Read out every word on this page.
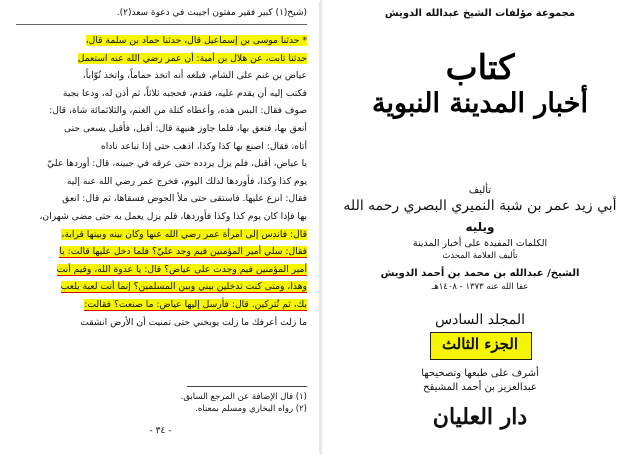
(شيخ(١) كبير فقير مفتون أجيبت في دعوة سعد(٢).
* حدثنا موسى بن إسماعيل قال، حدثنا حماد بن سلمة قال،
حدثنا ثابت، عن هلال بن أمية: أن عمر رضي الله عنه استعمل
عياض بن غنم على الشام، فبلغه أنه اتخذ حماماً، واتخذ نُوّاباً،
فكتب إليه أن يقدم عليه، فقدم، فحجبه ثلاثاً، ثم أذن له، ودعا بجبة
صوف فقال: البس هذه، وأعطاه كتلة من الغنم، والثلاثمائة شاة، قال:
أنعق بها، فنعق بها، فلما جاوز هنيهة قال: أقبل، فأقبل يسعى حتى
أتاه، فقال: اصنع بها كذا وكذا، اذهب حتى إذا تباعد ناداه
يا عياض، أقبل، فلم يزل يردده حتى عرقه في جبينه، قال: أوردها عليّ
يوم كذا وكذا، فأوردها لذلك اليوم، فخرج عمر رضي الله عنه إليه
فقال: انزع عليها. فاستقى حتى ملأ الحوض فسقاها، ثم قال: انعق
بها فإذا كان يوم كذا وكذا فأوردها، فلم يزل يعمل به حتى مضى شهران،
قال: فاندس إلى امرأة عمر رضي الله عنها وكان بينه وبينها قرابة،
فقال: سلي أمير المؤمنين فيم وجد عليّ؟ فلما دخل عليها قالت: يا
أمير المؤمنين فيم وجدت على عياض؟ قال: يا عدوة الله، وفيم أنت
وهذا، ومتى كنت تدخلين بيني وبين المسلمين؟ إنما أنت لعبة يلعب
بك، ثم تُتركين. قال: فأرسل إليها عياض: ما صنعت؟ فقالت:
ما زلت أعرفك ما زلت يوبخني حتى تمنيت أن الأرض انشقت
(١) قال الإضافة عن المرجع السابق.
(٢) رواه البخاري ومسلم بمعناه.
- ٣٤ -
مجموعة مؤلفات الشيخ عبدالله الدويش
كتاب
أخبار المدينة النبوية
تأليف
أبي زيد عمر بن شبة النميري البصري رحمه الله
ويليه
الكلمات المفيدة على أخبار المدينة
تأليف العلامة المحدث
الشيخ/ عبدالله بن محمد بن أحمد الدويش
عفا الله عنه ١٣٧٣ - ١٤٠٨هـ
المجلد السادس
الجزء الثالث
أشرف على طبعها وتصحيحها
عبدالعزيز بن أحمد المشيقح
دار العليان
